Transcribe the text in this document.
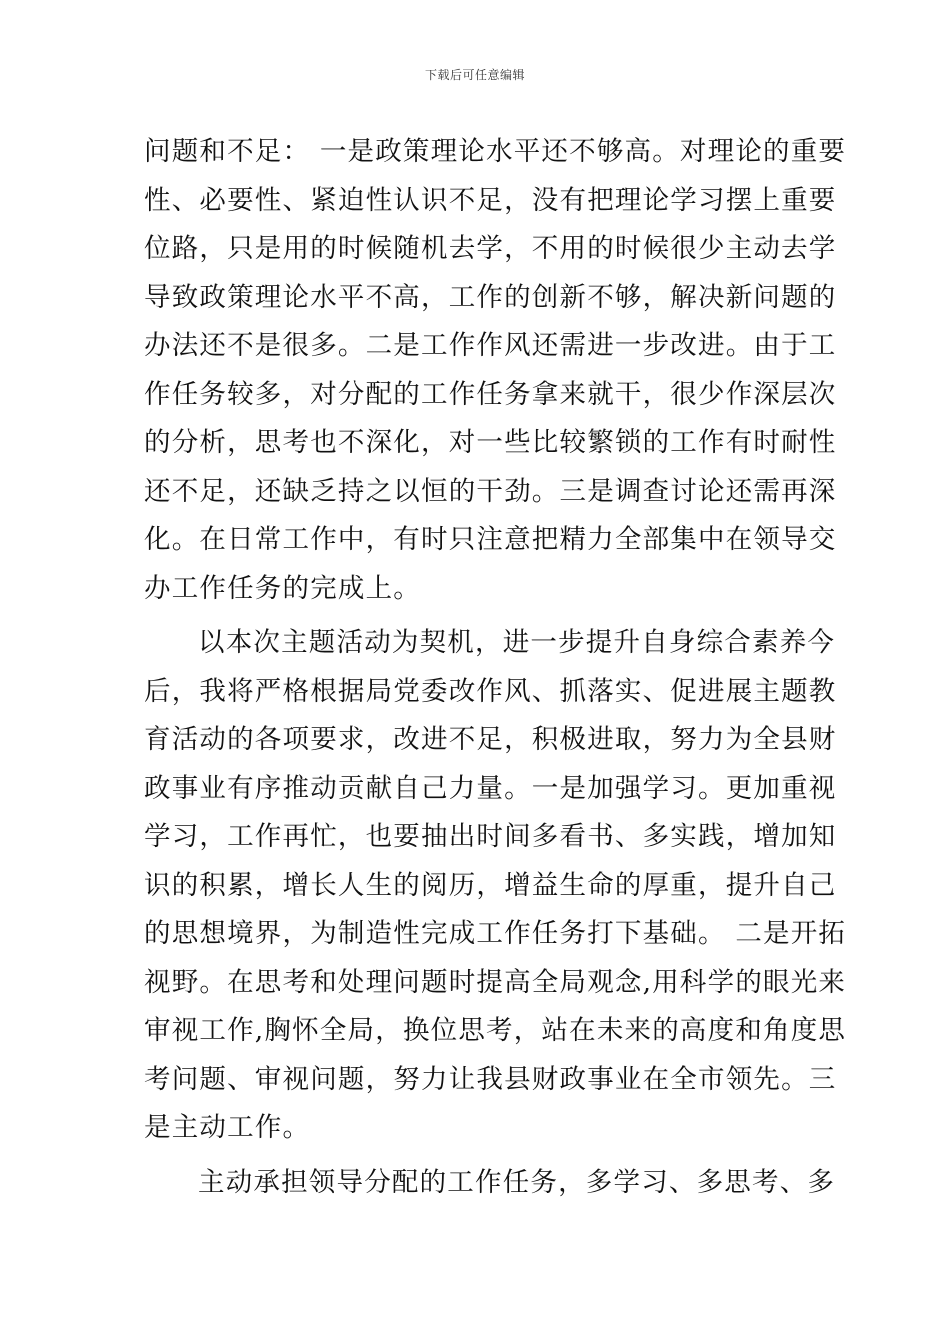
下载后可任意编辑
问题和不足： 一是政策理论水平还不够高。对理论的重要
性、必要性、紧迫性认识不足，没有把理论学习摆上重要
位路，只是用的时候随机去学，不用的时候很少主动去学
导致政策理论水平不高，工作的创新不够，解决新问题的
办法还不是很多。二是工作作风还需进一步改进。由于工
作任务较多，对分配的工作任务拿来就干，很少作深层次
的分析，思考也不深化，对一些比较繁锁的工作有时耐性
还不足，还缺乏持之以恒的干劲。三是调查讨论还需再深
化。在日常工作中，有时只注意把精力全部集中在领导交
办工作任务的完成上。
以本次主题活动为契机，进一步提升自身综合素养今
后，我将严格根据局党委改作风、抓落实、促进展主题教
育活动的各项要求，改进不足，积极进取，努力为全县财
政事业有序推动贡献自己力量。一是加强学习。更加重视
学习，工作再忙，也要抽出时间多看书、多实践，增加知
识的积累，增长人生的阅历，增益生命的厚重，提升自己
的思想境界，为制造性完成工作任务打下基础。 二是开拓
视野。在思考和处理问题时提高全局观念,用科学的眼光来
审视工作,胸怀全局，换位思考，站在未来的高度和角度思
考问题、审视问题，努力让我县财政事业在全市领先。三
是主动工作。
主动承担领导分配的工作任务，多学习、多思考、多
